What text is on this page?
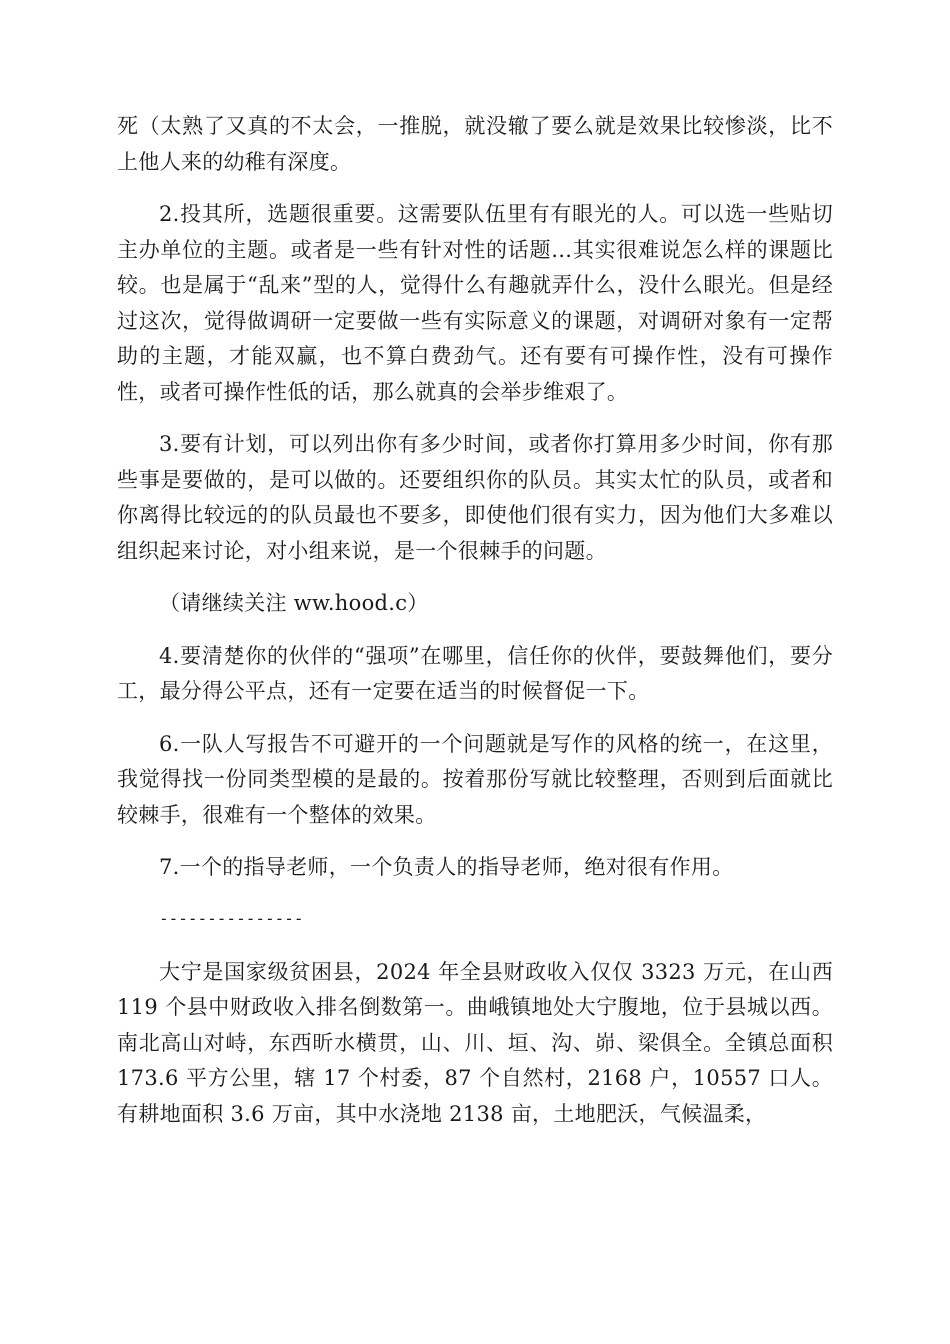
死（太熟了又真的不太会，一推脱，就没辙了要么就是效果比较惨淡，比不上他人来的幼稚有深度。

2.投其所，选题很重要。这需要队伍里有有眼光的人。可以选一些贴切主办单位的主题。或者是一些有针对性的话题…其实很难说怎么样的课题比较。也是属于“乱来”型的人，觉得什么有趣就弄什么，没什么眼光。但是经过这次，觉得做调研一定要做一些有实际意义的课题，对调研对象有一定帮助的主题，才能双赢，也不算白费劲气。还有要有可操作性，没有可操作性，或者可操作性低的话，那么就真的会举步维艰了。

3.要有计划，可以列出你有多少时间，或者你打算用多少时间，你有那些事是要做的，是可以做的。还要组织你的队员。其实太忙的队员，或者和你离得比较远的的队员最也不要多，即使他们很有实力，因为他们大多难以组织起来讨论，对小组来说，是一个很棘手的问题。

（请继续关注 ww.hood.c）

4.要清楚你的伙伴的“强项”在哪里，信任你的伙伴，要鼓舞他们，要分工，最分得公平点，还有一定要在适当的时候督促一下。

6.一队人写报告不可避开的一个问题就是写作的风格的统一，在这里，我觉得找一份同类型模的是最的。按着那份写就比较整理，否则到后面就比较棘手，很难有一个整体的效果。

7.一个的指导老师，一个负责人的指导老师，绝对很有作用。

---------------

大宁是国家级贫困县，2024 年全县财政收入仅仅 3323 万元，在山西 119 个县中财政收入排名倒数第一。曲峨镇地处大宁腹地，位于县城以西。南北高山对峙，东西昕水横贯，山、川、垣、沟、峁、梁俱全。全镇总面积 173.6 平方公里，辖 17 个村委，87 个自然村，2168 户，10557 口人。有耕地面积 3.6 万亩，其中水浇地 2138 亩，土地肥沃，气候温柔，
